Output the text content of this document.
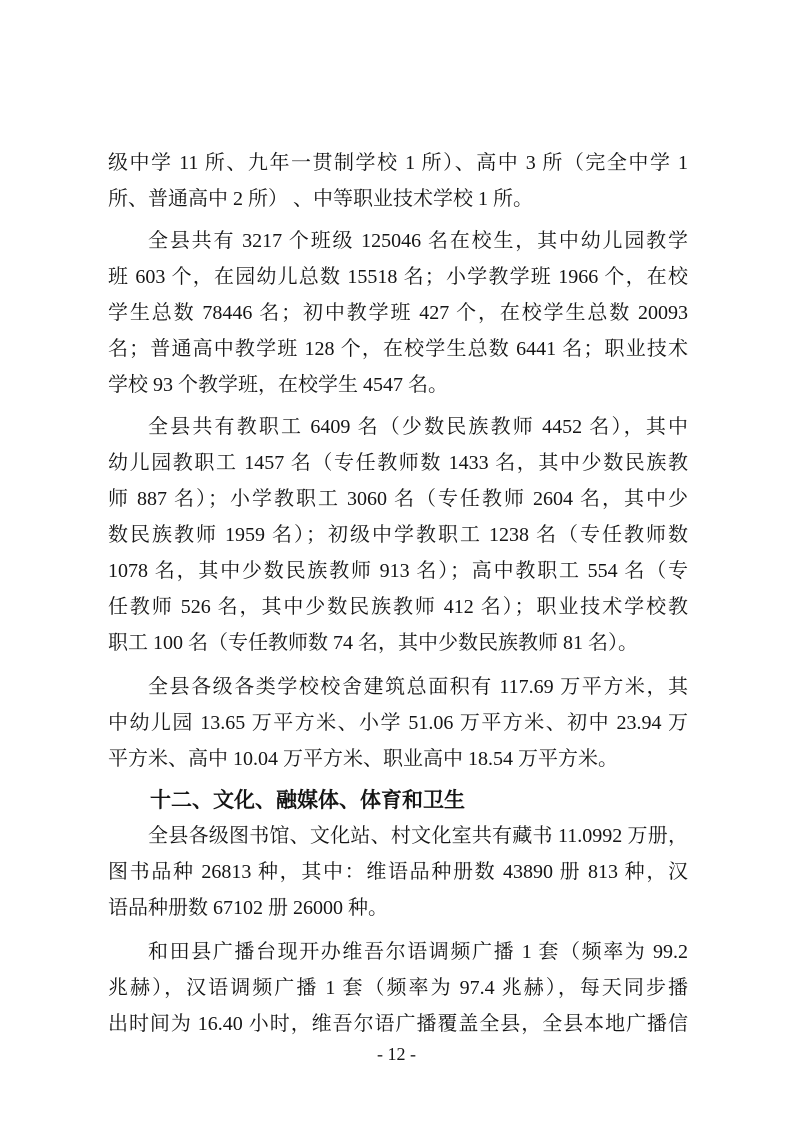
级中学 11 所、九年一贯制学校 1 所）、高中 3 所（完全中学 1
所、普通高中 2 所） 、中等职业技术学校 1 所。
全县共有 3217 个班级 125046 名在校生，其中幼儿园教学
班 603 个，在园幼儿总数 15518 名；小学教学班 1966 个，在校
学生总数 78446 名；初中教学班 427 个，在校学生总数 20093
名；普通高中教学班 128 个，在校学生总数 6441 名；职业技术
学校 93 个教学班，在校学生 4547 名。
全县共有教职工 6409 名（少数民族教师 4452 名），其中
幼儿园教职工 1457 名（专任教师数 1433 名，其中少数民族教
师 887 名）；小学教职工 3060 名（专任教师 2604 名，其中少
数民族教师 1959 名）；初级中学教职工 1238 名（专任教师数
1078 名，其中少数民族教师 913 名）；高中教职工 554 名（专
任教师 526 名，其中少数民族教师 412 名）；职业技术学校教
职工 100 名（专任教师数 74 名，其中少数民族教师 81 名）。
全县各级各类学校校舍建筑总面积有 117.69 万平方米，其
中幼儿园 13.65 万平方米、小学 51.06 万平方米、初中 23.94 万
平方米、高中 10.04 万平方米、职业高中 18.54 万平方米。
十二、文化、融媒体、体育和卫生
全县各级图书馆、文化站、村文化室共有藏书 11.0992 万册，
图书品种 26813 种，其中：维语品种册数 43890 册 813 种，汉
语品种册数 67102 册 26000 种。
和田县广播台现开办维吾尔语调频广播 1 套（频率为 99.2
兆赫），汉语调频广播 1 套（频率为 97.4 兆赫），每天同步播
出时间为 16.40 小时，维吾尔语广播覆盖全县，全县本地广播信
- 12 -
